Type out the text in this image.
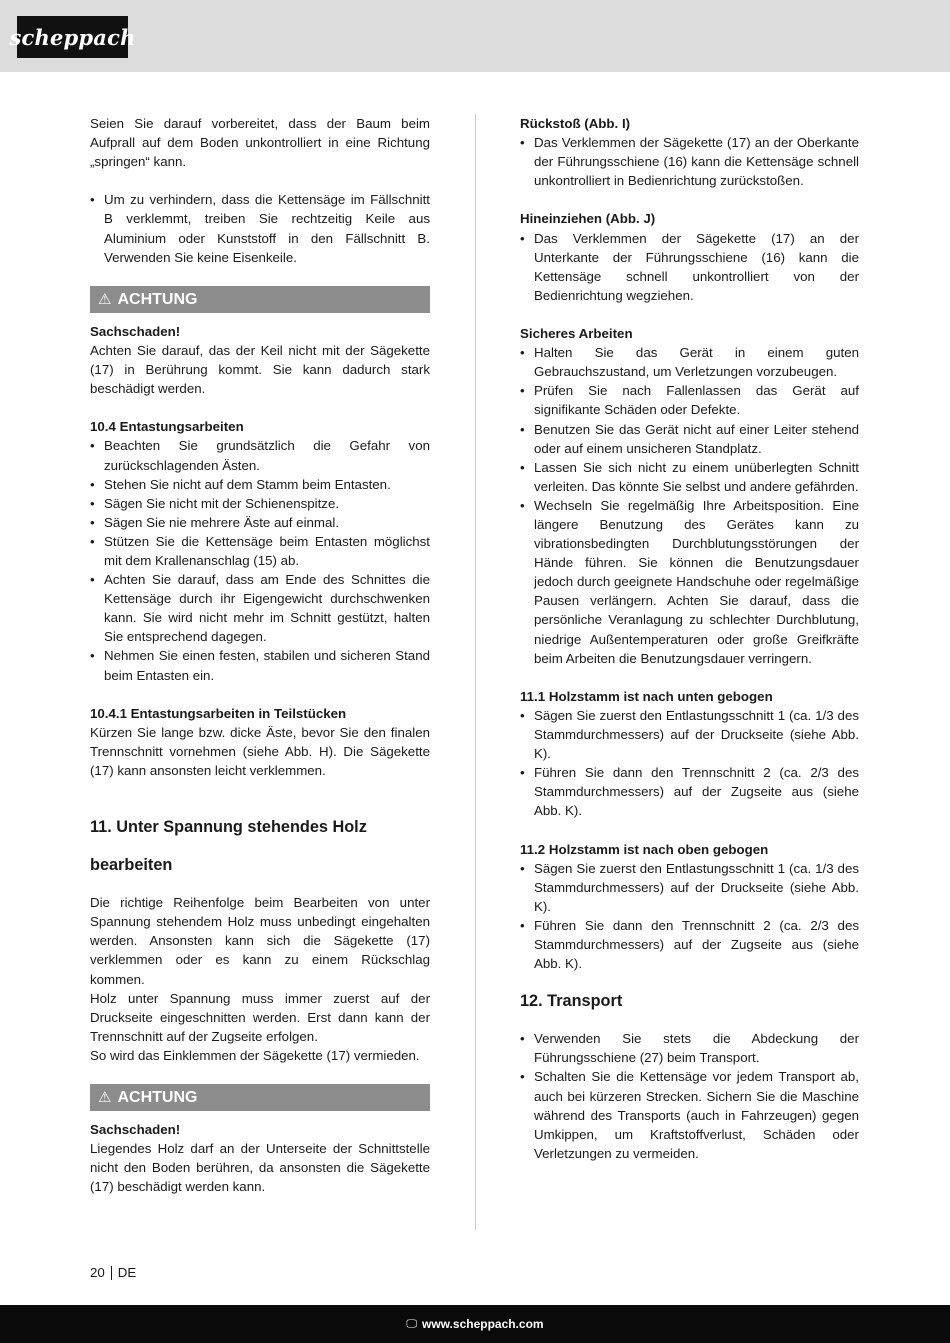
scheppach

Seien Sie darauf vorbereitet, dass der Baum beim Aufprall auf dem Boden unkontrolliert in eine Richtung „springen“ kann.

• Um zu verhindern, dass die Kettensäge im Fällschnitt B verklemmt, treiben Sie rechtzeitig Keile aus Aluminium oder Kunststoff in den Fällschnitt B. Verwenden Sie keine Eisenkeile.
⚠ ACHTUNG

Sachschaden!

Achten Sie darauf, das der Keil nicht mit der Sägekette (17) in Berührung kommt. Sie kann dadurch stark beschädigt werden.

10.4 Entastungsarbeiten

• Beachten Sie grundsätzlich die Gefahr von zurückschlagenden Ästen.
• Stehen Sie nicht auf dem Stamm beim Entasten.
• Sägen Sie nicht mit der Schienenspitze.
• Sägen Sie nie mehrere Äste auf einmal.
• Stützen Sie die Kettensäge beim Entasten möglichst mit dem Krallenanschlag (15) ab.
• Achten Sie darauf, dass am Ende des Schnittes die Kettensäge durch ihr Eigengewicht durchschwenken kann. Sie wird nicht mehr im Schnitt gestützt, halten Sie entsprechend dagegen.
• Nehmen Sie einen festen, stabilen und sicheren Stand beim Entasten ein.

10.4.1 Entastungsarbeiten in Teilstücken

Kürzen Sie lange bzw. dicke Äste, bevor Sie den finalen Trennschnitt vornehmen (siehe Abb. H). Die Sägekette (17) kann ansonsten leicht verklemmen.

11. Unter Spannung stehendes Holz
bearbeiten

Die richtige Reihenfolge beim Bearbeiten von unter Spannung stehendem Holz muss unbedingt eingehalten werden. Ansonsten kann sich die Sägekette (17) verklemmen oder es kann zu einem Rückschlag kommen.

Holz unter Spannung muss immer zuerst auf der Druckseite eingeschnitten werden. Erst dann kann der Trennschnitt auf der Zugseite erfolgen.

So wird das Einklemmen der Sägekette (17) vermieden.

⚠ ACHTUNG

Sachschaden!

Liegendes Holz darf an der Unterseite der Schnittstelle nicht den Boden berühren, da ansonsten die Sägekette (17) beschädigt werden kann.

Rückstoß (Abb. I)

• Das Verklemmen der Sägekette (17) an der Oberkante der Führungsschiene (16) kann die Kettensäge schnell unkontrolliert in Bedienrichtung zurückstoßen.

Hineinziehen (Abb. J)

• Das Verklemmen der Sägekette (17) an der Unterkante der Führungsschiene (16) kann die Kettensäge schnell unkontrolliert von der Bedienrichtung wegziehen.

Sicheres Arbeiten

• Halten Sie das Gerät in einem guten Gebrauchszustand, um Verletzungen vorzubeugen.
• Prüfen Sie nach Fallenlassen das Gerät auf signifikante Schäden oder Defekte.
• Benutzen Sie das Gerät nicht auf einer Leiter stehend oder auf einem unsicheren Standplatz.
• Lassen Sie sich nicht zu einem unüberlegten Schnitt verleiten. Das könnte Sie selbst und andere gefährden.
• Wechseln Sie regelmäßig Ihre Arbeitsposition. Eine längere Benutzung des Gerätes kann zu vibrationsbedingten Durchblutungsstörungen der Hände führen. Sie können die Benutzungsdauer jedoch durch geeignete Handschuhe oder regelmäßige Pausen verlängern. Achten Sie darauf, dass die persönliche Veranlagung zu schlechter Durchblutung, niedrige Außentemperaturen oder große Greifkräfte beim Arbeiten die Benutzungsdauer verringern.

11.1 Holzstamm ist nach unten gebogen

• Sägen Sie zuerst den Entlastungsschnitt 1 (ca. 1/3 des Stammdurchmessers) auf der Druckseite (siehe Abb. K).
• Führen Sie dann den Trennschnitt 2 (ca. 2/3 des Stammdurchmessers) auf der Zugseite aus (siehe Abb. K).

11.2 Holzstamm ist nach oben gebogen

• Sägen Sie zuerst den Entlastungsschnitt 1 (ca. 1/3 des Stammdurchmessers) auf der Druckseite (siehe Abb. K).
• Führen Sie dann den Trennschnitt 2 (ca. 2/3 des Stammdurchmessers) auf der Zugseite aus (siehe Abb. K).
12. Transport
• Verwenden Sie stets die Abdeckung der Führungsschiene (27) beim Transport.
• Schalten Sie die Kettensäge vor jedem Transport ab, auch bei kürzeren Strecken. Sichern Sie die Maschine während des Transports (auch in Fahrzeugen) gegen Umkippen, um Kraftstoffverlust, Schäden oder Verletzungen zu vermeiden.
20 DE
🖵 www.scheppach.com
